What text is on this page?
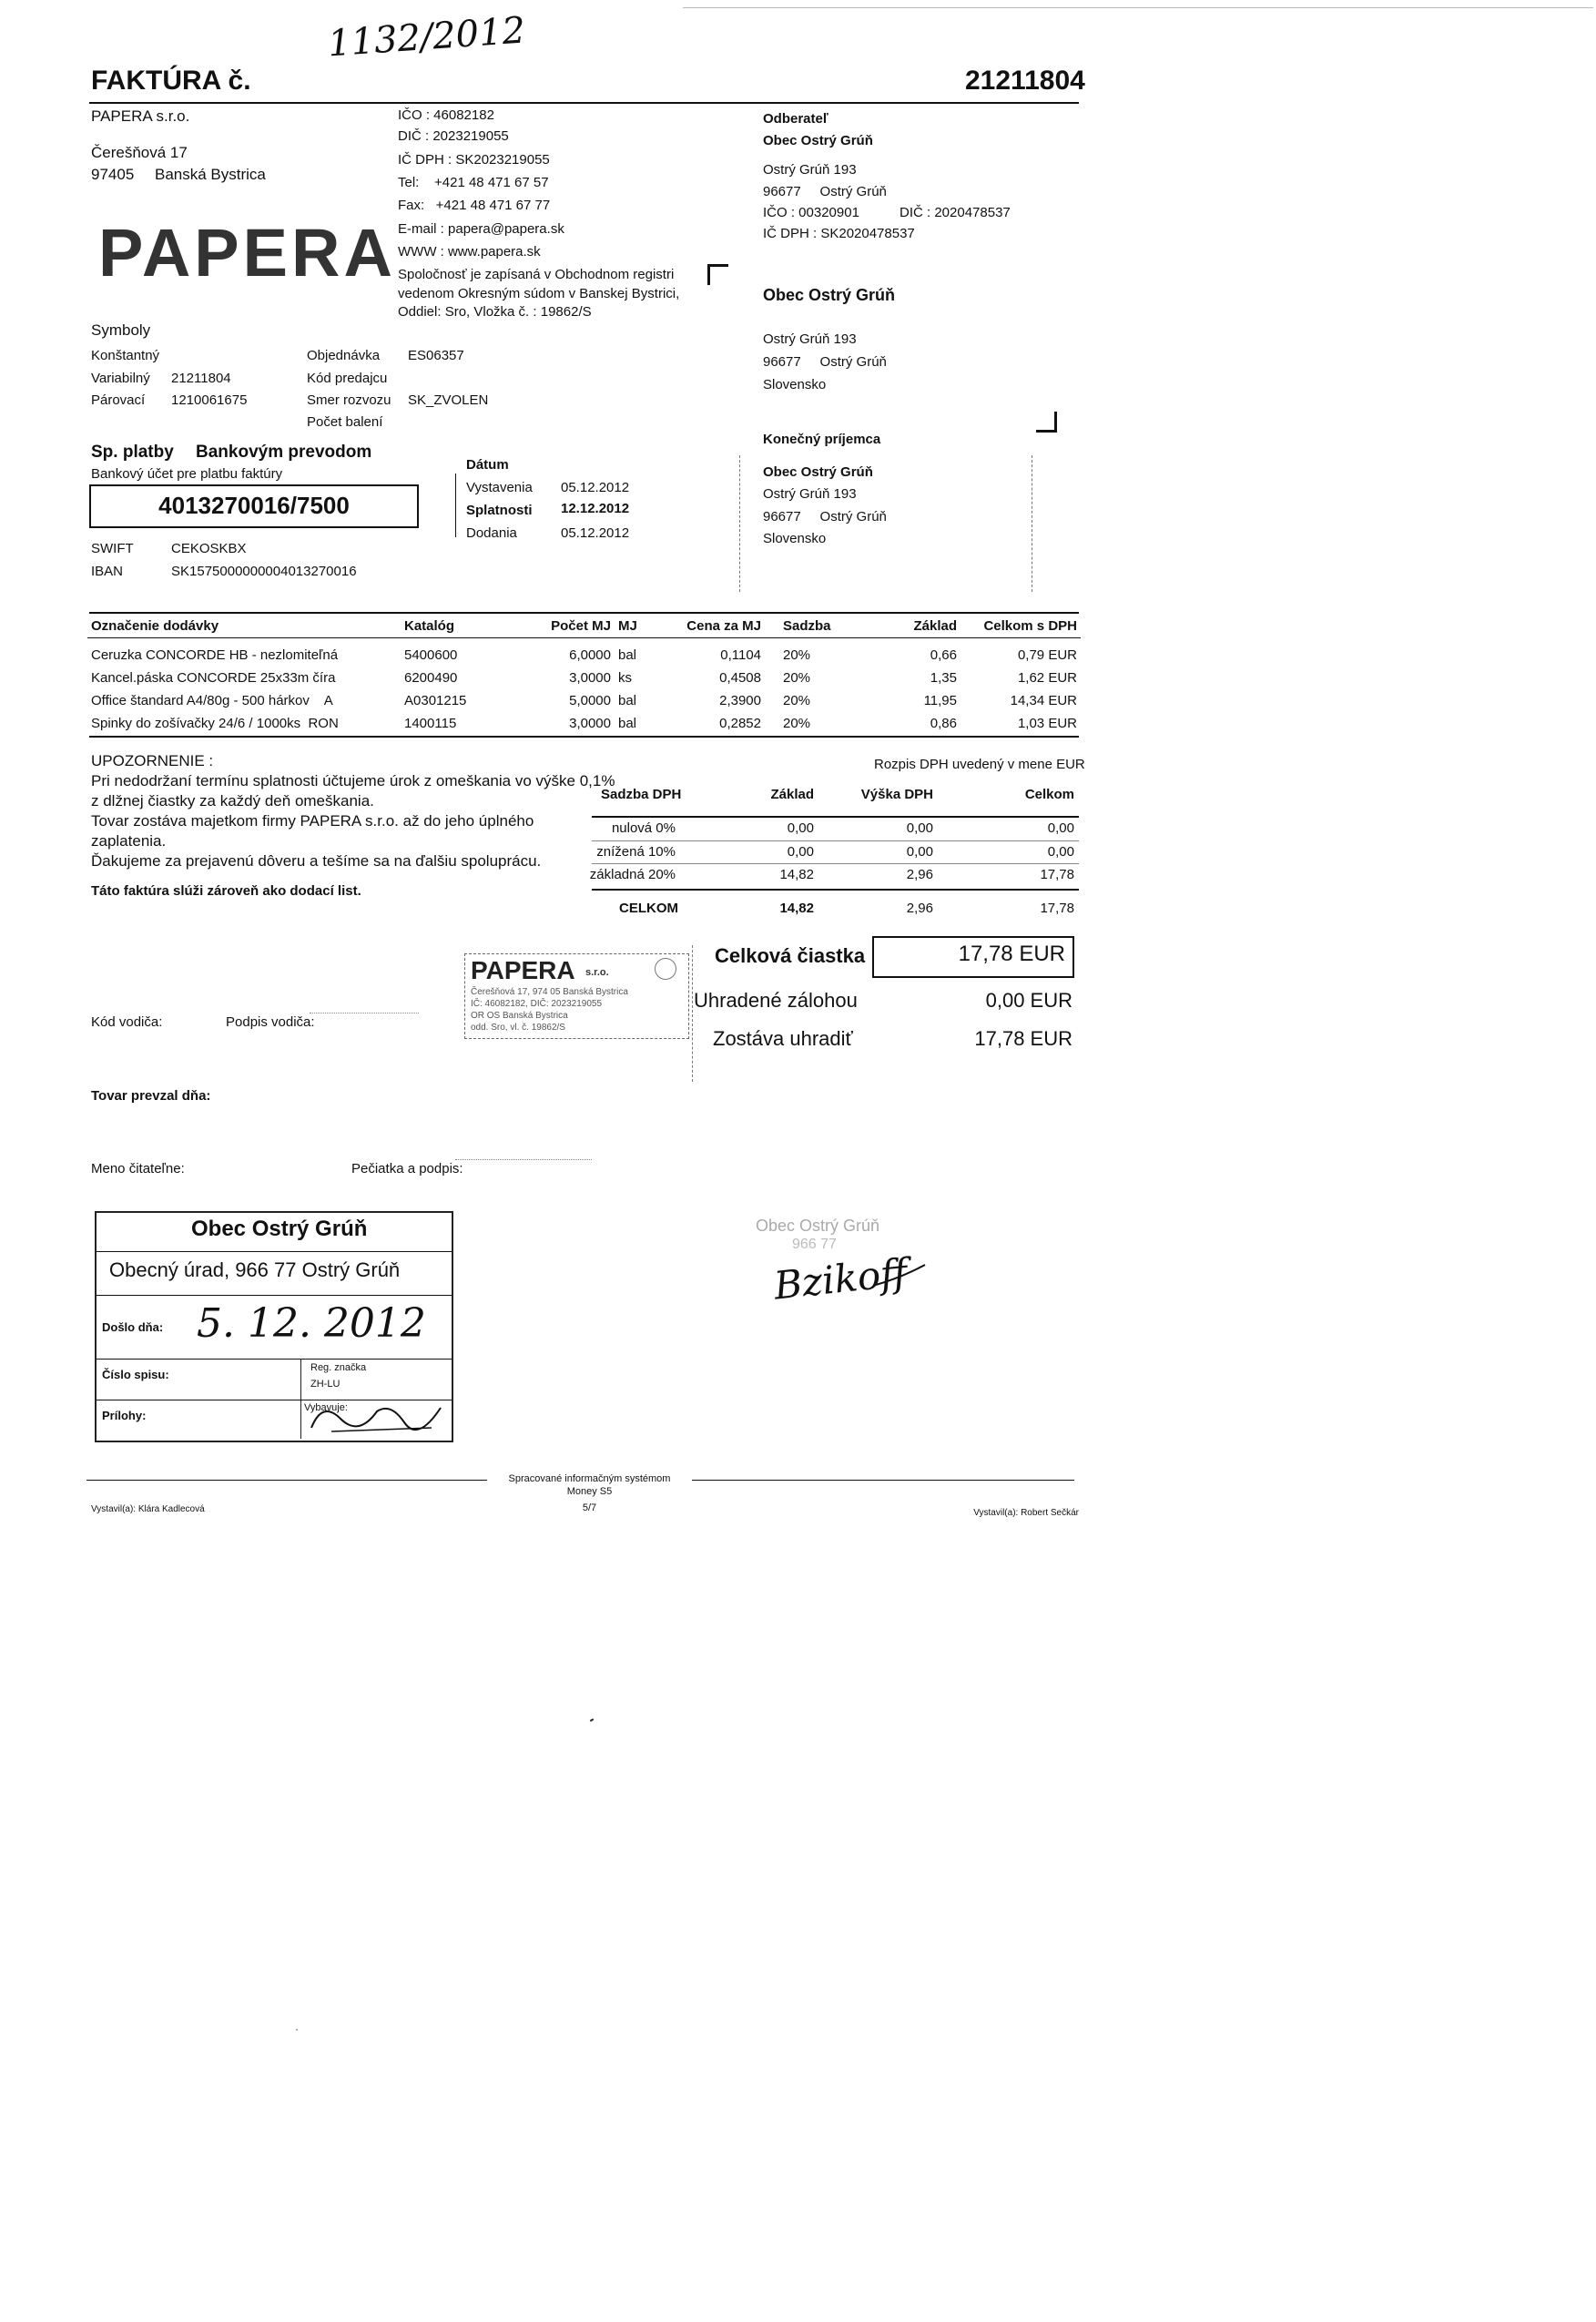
1132/2012
FAKTÚRA č.	21211804
PAPERA s.r.o.
Čerešňová 17
97405 Banská Bystrica
PAPERA
IČO : 46082182
DIČ : 2023219055
IČ DPH : SK2023219055
Tel:    +421 48 471 67 57
Fax:   +421 48 471 67 77
E-mail : papera@papera.sk
WWW : www.papera.sk
Spoločnosť je zapísaná v Obchodnom registri
vedenom Okresným súdom v Banskej Bystrici,
Oddiel: Sro, Vložka č. : 19862/S
Odberateľ
Obec Ostrý Grúň
Ostrý Grúň 193
96677     Ostrý Grúň
IČO : 00320901	DIČ : 2020478537
IČ DPH : SK2020478537
Obec Ostrý Grúň
Ostrý Grúň 193
96677     Ostrý Grúň
Slovensko
Konečný príjemca
Obec Ostrý Grúň
Ostrý Grúň 193
96677     Ostrý Grúň
Slovensko
Symboly
Konštantný
Variabilný 21211804
Párovací 1210061675
Objednávka ES06357
Kód predajcu
Smer rozvozu SK_ZVOLEN
Počet balení
Sp. platby Bankovým prevodom
Bankový účet pre platbu faktúry
4013270016/7500
SWIFT	CEKOSKBX
IBAN	SK1575000000004013270016
Dátum
Vystavenia 05.12.2012
Splatnosti 12.12.2012
Dodania	05.12.2012
Označenie dodávky	Katalóg	Počet MJ	MJ	Cena za MJ	Sadzba	Základ	Celkom s DPH

Ceruzka CONCORDE HB - nezlomiteľná	5400600	6,0000	bal	0,1104	20%	0,66	0,79 EUR
Kancel.páska CONCORDE 25x33m číra	6200490	3,0000	ks	0,4508	20%	1,35	1,62 EUR
Office štandard A4/80g - 500 hárkov    A	A0301215	5,0000	bal	2,3900	20%	11,95	14,34 EUR
Spinky do zošívačky 24/6 / 1000ks  RON	1400115	3,0000	bal	0,2852	20%	0,86	1,03 EUR
UPOZORNENIE :
Pri nedodržaní termínu splatnosti účtujeme úrok z omeškania vo výške 0,1%
z dlžnej čiastky za každý deň omeškania.
Tovar zostáva majetkom firmy PAPERA s.r.o. až do jeho úplného
zaplatenia.
Ďakujeme za prejavenú dôveru a tešíme sa na ďalšiu spoluprácu.
Táto faktúra slúži zároveň ako dodací list.
Rozpis DPH uvedený v mene EUR
Sadzba DPH	Základ	Výška DPH	Celkom
nulová 0%	0,00	0,00	0,00
znížená 10%	0,00	0,00	0,00
základná 20%	14,82	2,96	17,78
CELKOM	14,82	2,96	17,78
Celková čiastka	17,78 EUR
Uhradené zálohou	0,00 EUR
Zostáva uhradiť	17,78 EUR
PAPERA s.r.o.
Čerešňová 17, 974 05 Banská Bystrica
IČ: 46082182, DIČ: 2023219055
OR OS Banská Bystrica
odd. Sro, vl. č. 19862/S
Kód vodiča:	Podpis vodiča:
Tovar prevzal dňa:
Meno čitateľne:	Pečiatka a podpis:
Obec Ostrý Grúň
Obecný úrad, 966 77 Ostrý Grúň
Došlo dňa: 5. 12. 2012
Číslo spisu:	Reg. značka
ZH-LU
Prílohy:
Vybavuje:
Obec Ostrý Grúň
966 77
Bzikoff
Spracované informačným systémom
Money S5
5/7
Vystavil(a): Klára Kadlecová	Vystavil(a): Robert Sečkár
